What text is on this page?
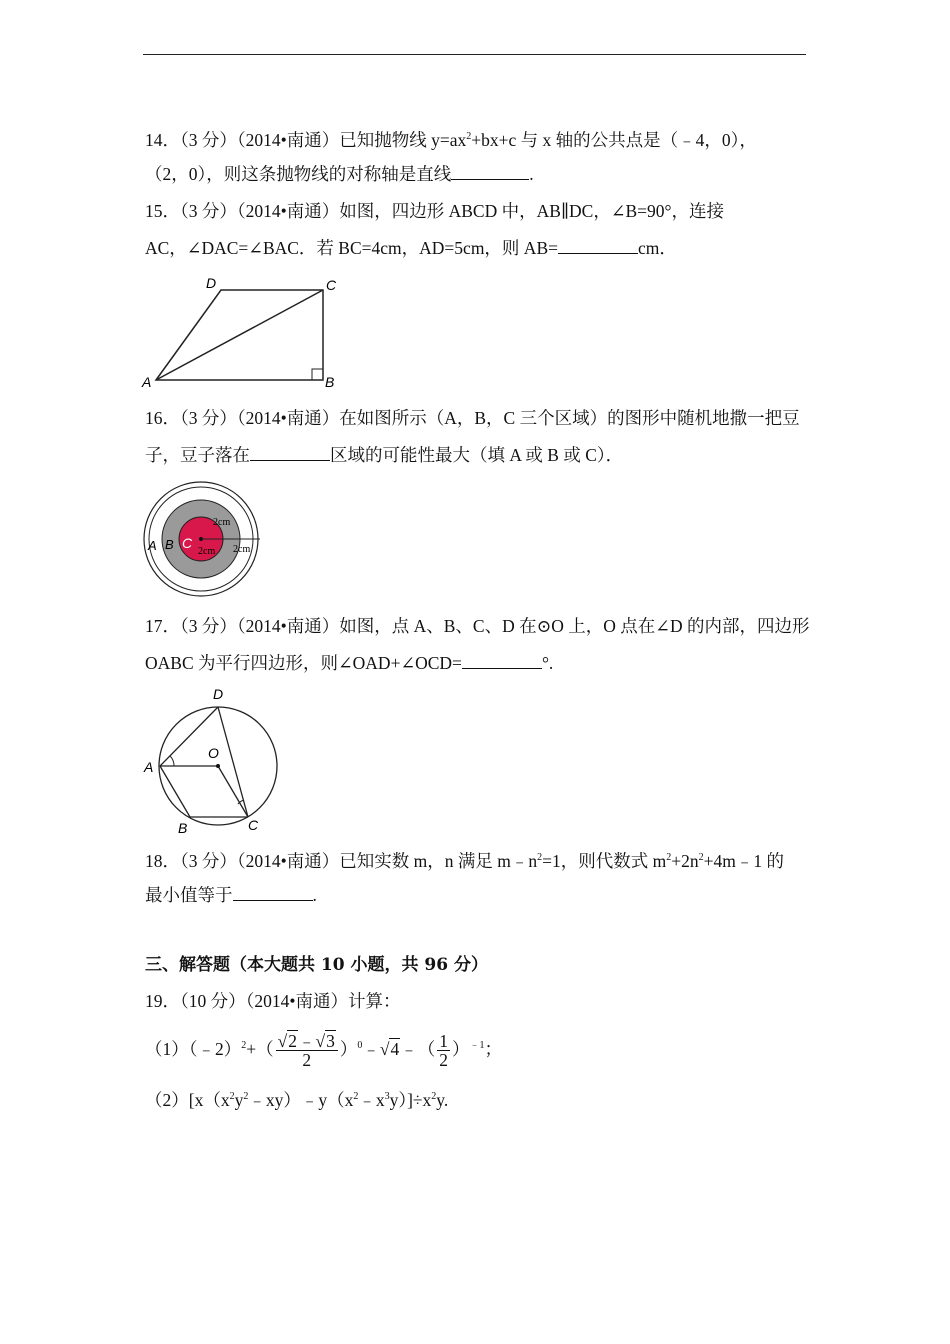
14．（3 分）（2014•南通）已知抛物线 $y=ax^2+bx+c$ 与 x 轴的公共点是（﹣4，0），
（2，0），则这条抛物线的对称轴是直线	.
15．（3 分）（2014•南通）如图，四边形 ABCD 中，AB∥DC，∠B=90°，连接
AC，∠DAC=∠BAC．若 BC=4cm，AD=5cm，则 AB=	cm．
A	B
C
D
16．（3 分）（2014•南通）在如图所示（A，B，C 三个区域）的图形中随机地撒一把豆
子，豆子落在	区域的可能性最大（填 A 或 B 或 C）．
A B C
2cm
2cm 2cm
17．（3 分）（2014•南通）如图，点 A、B、C、D 在⊙O 上，O 点在∠D 的内部，四边形
OABC 为平行四边形，则∠OAD+∠OCD=	°.
A
B	C
D
O
18．（3 分）（2014•南通）已知实数 m，n 满足 $m﹣n^2=1$，则代数式 $m^2+2n^2+4m﹣1$ 的
最小值等于	.
三、解答题（本大题共 10 小题，共 96 分）
19．（10 分）（2014•南通）计算：
（1）（﹣2）$^2$+（ $\frac{√2﹣√3}{2}$ ）$^0$﹣√4﹣（ $\frac{1}{2} )^{﹣1}$；
$(2)[x(x^2y^2﹣xy)﹣y(x^2﹣x^3y)]\div x^2y$.
